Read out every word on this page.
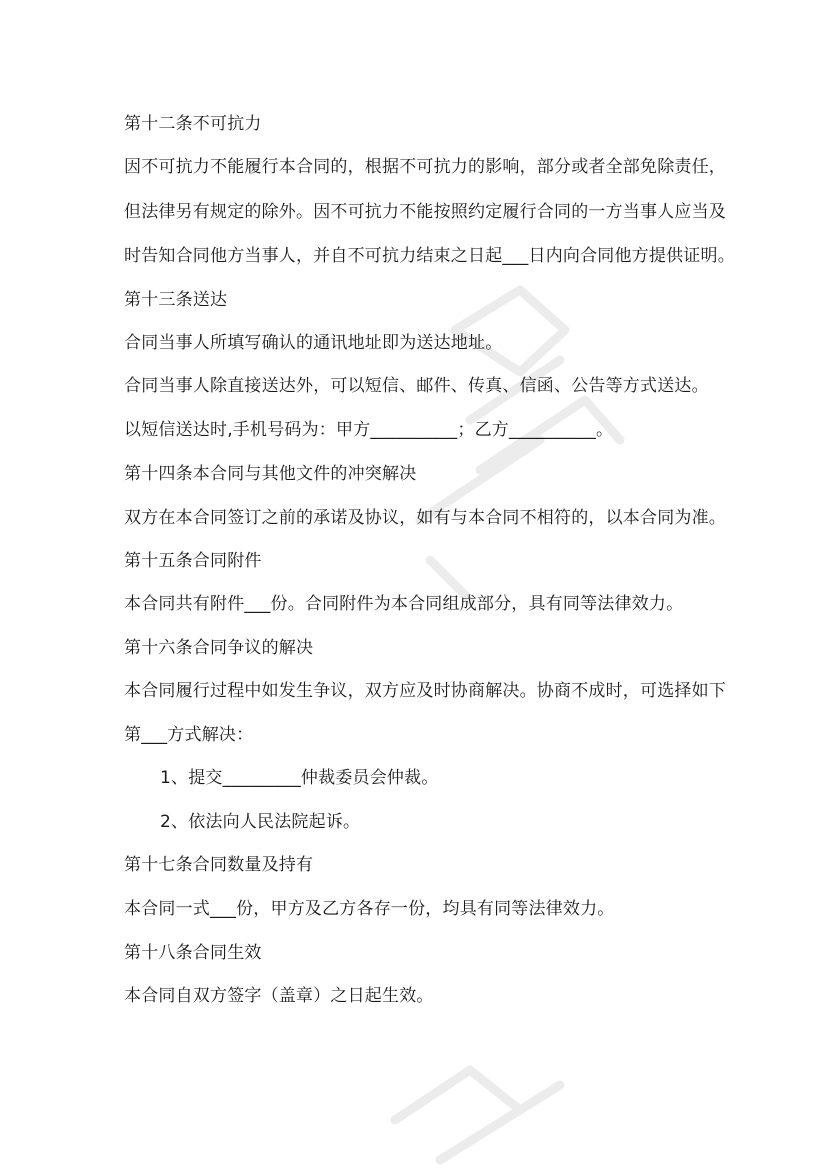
第十二条不可抗力
因不可抗力不能履行本合同的，根据不可抗力的影响，部分或者全部免除责任，
但法律另有规定的除外。因不可抗力不能按照约定履行合同的一方当事人应当及
时告知合同他方当事人，并自不可抗力结束之日起___日内向合同他方提供证明。
第十三条送达
合同当事人所填写确认的通讯地址即为送达地址。
合同当事人除直接送达外，可以短信、邮件、传真、信函、公告等方式送达。
以短信送达时,手机号码为：甲方__________；乙方__________。
第十四条本合同与其他文件的冲突解决
双方在本合同签订之前的承诺及协议，如有与本合同不相符的，以本合同为准。
第十五条合同附件
本合同共有附件___份。合同附件为本合同组成部分，具有同等法律效力。
第十六条合同争议的解决
本合同履行过程中如发生争议，双方应及时协商解决。协商不成时，可选择如下
第___方式解决：
1、提交_________仲裁委员会仲裁。
2、依法向人民法院起诉。
第十七条合同数量及持有
本合同一式___份，甲方及乙方各存一份，均具有同等法律效力。
第十八条合同生效
本合同自双方签字（盖章）之日起生效。
